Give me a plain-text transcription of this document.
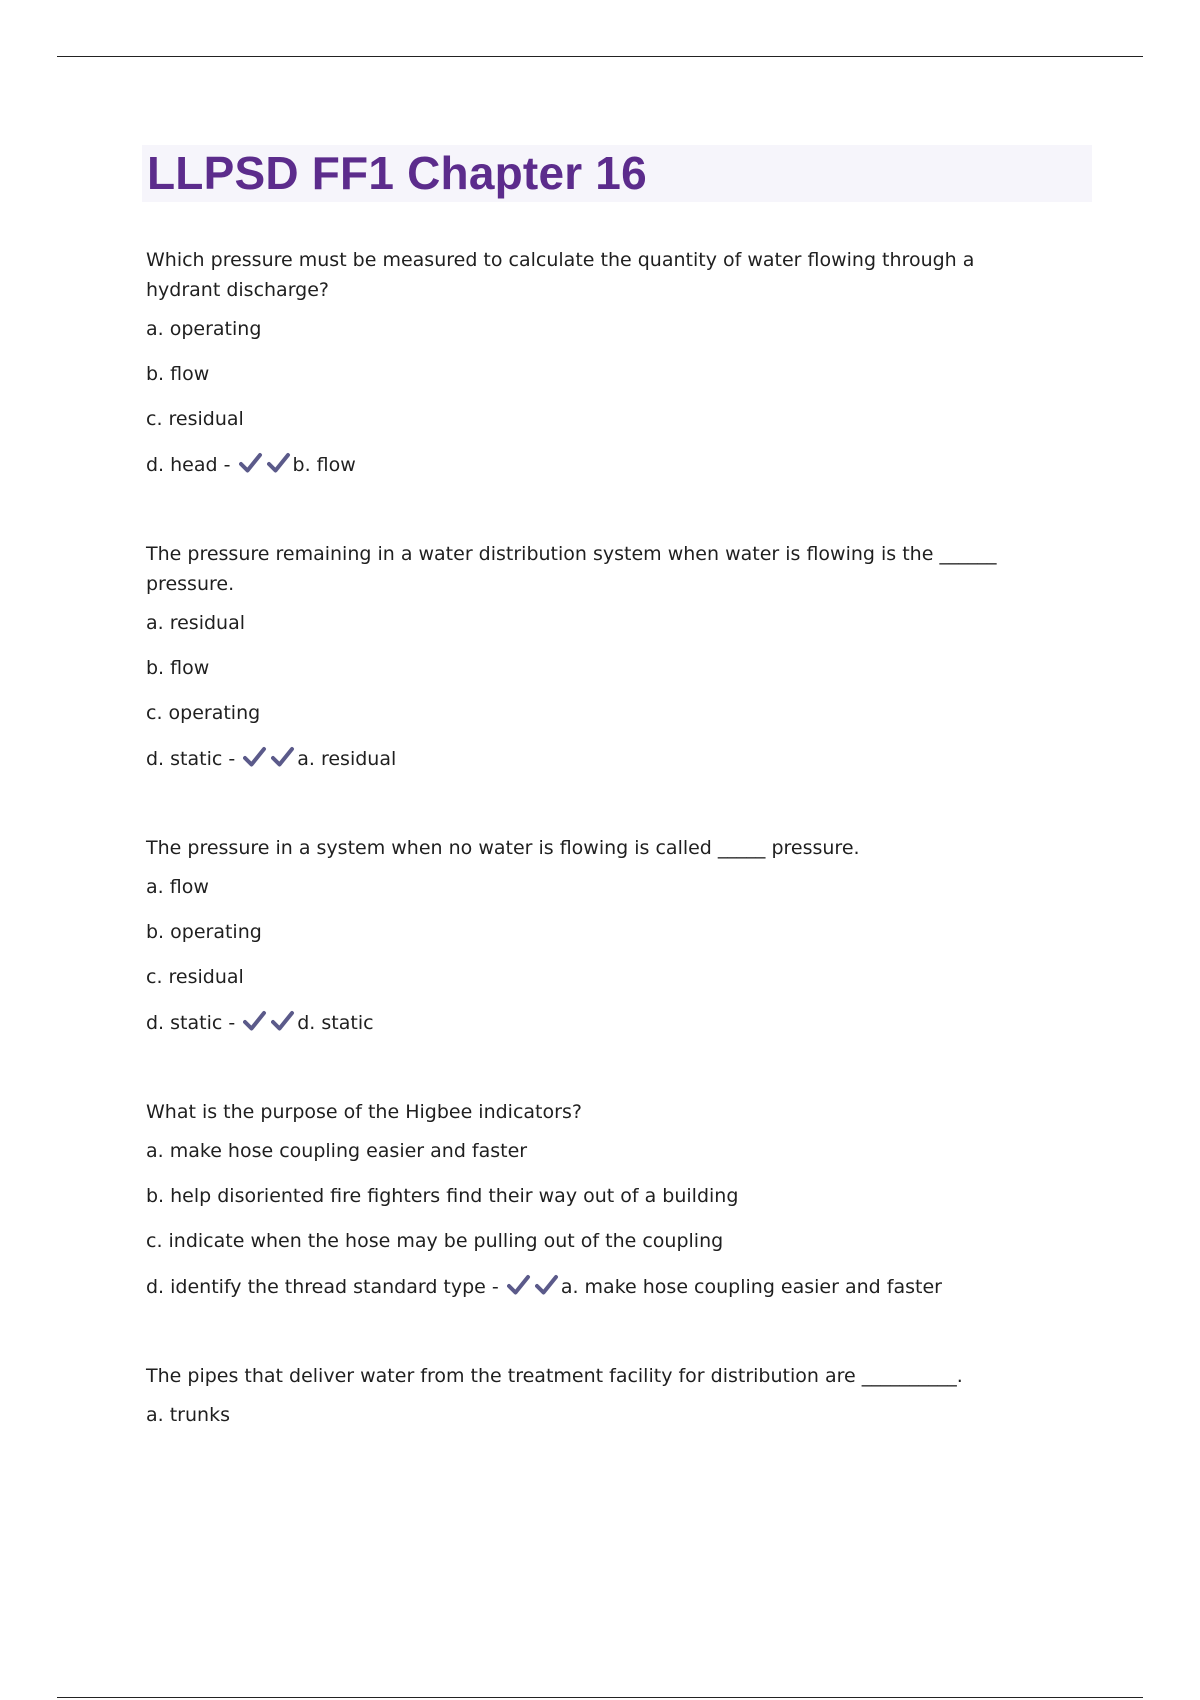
LLPSD FF1 Chapter 16

Which pressure must be measured to calculate the quantity of water flowing through a hydrant discharge?

a. operating

b. flow

c. residual

d. head -	b. flow

The pressure remaining in a water distribution system when water is flowing is the ______ pressure.

a. residual

b. flow

c. operating

d. static -	a. residual

The pressure in a system when no water is flowing is called _____ pressure.

a. flow

b. operating

c. residual

d. static -	d. static

What is the purpose of the Higbee indicators?

a. make hose coupling easier and faster

b. help disoriented fire fighters find their way out of a building

c. indicate when the hose may be pulling out of the coupling

d. identify the thread standard type -	a. make hose coupling easier and faster

The pipes that deliver water from the treatment facility for distribution are __________.

a. trunks
